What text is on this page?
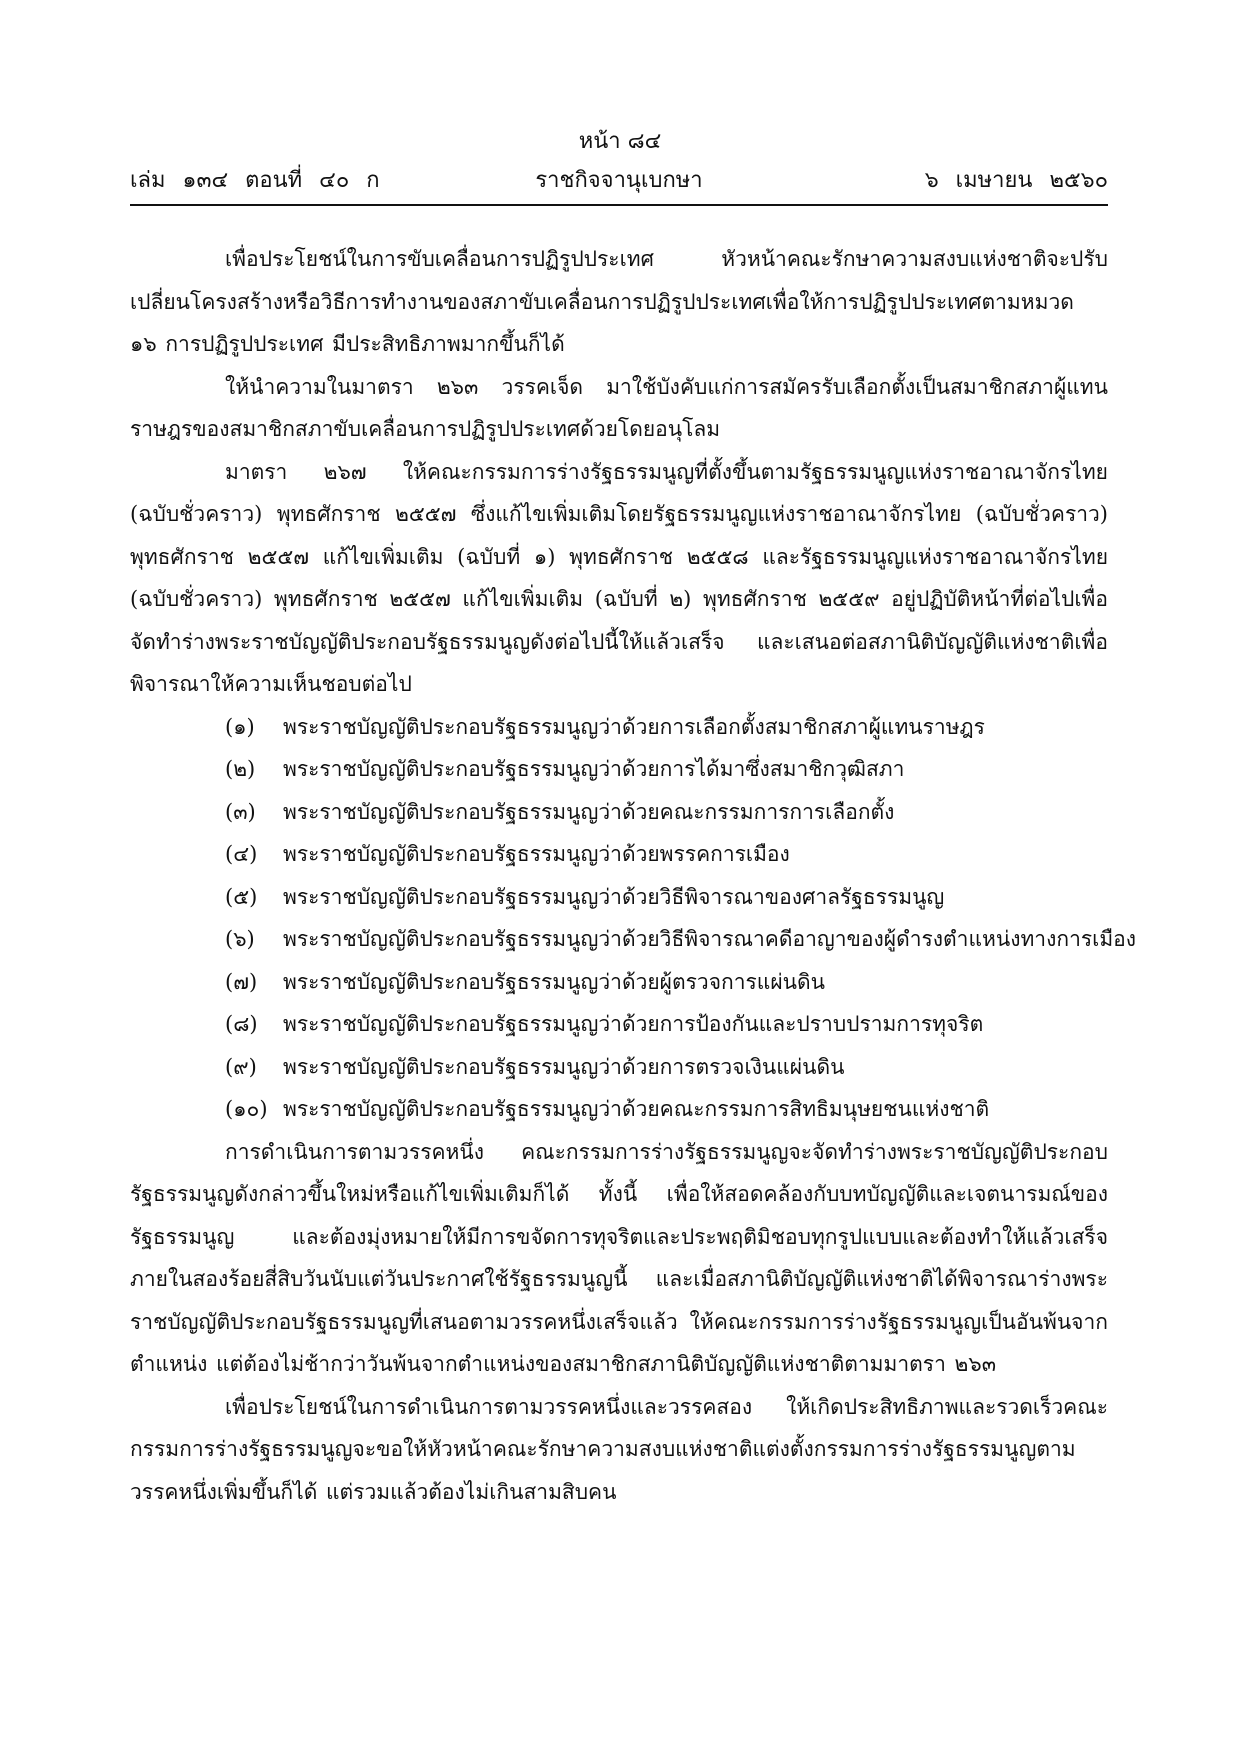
หน้า ๘๔
เล่ม ๑๓๔ ตอนที่ ๔๐ ก	ราชกิจจานุเบกษา	๖ เมษายน ๒๕๖๐

เพื่อประโยชน์ในการขับเคลื่อนการปฏิรูปประเทศ หัวหน้าคณะรักษาความสงบแห่งชาติจะปรับเปลี่ยนโครงสร้างหรือวิธีการทำงานของสภาขับเคลื่อนการปฏิรูปประเทศเพื่อให้การปฏิรูปประเทศตามหมวด ๑๖ การปฏิรูปประเทศ มีประสิทธิภาพมากขึ้นก็ได้

ให้นำความในมาตรา ๒๖๓ วรรคเจ็ด มาใช้บังคับแก่การสมัครรับเลือกตั้งเป็นสมาชิกสภาผู้แทนราษฎรของสมาชิกสภาขับเคลื่อนการปฏิรูปประเทศด้วยโดยอนุโลม

มาตรา ๒๖๗ ให้คณะกรรมการร่างรัฐธรรมนูญที่ตั้งขึ้นตามรัฐธรรมนูญแห่งราชอาณาจักรไทย (ฉบับชั่วคราว) พุทธศักราช ๒๕๕๗ ซึ่งแก้ไขเพิ่มเติมโดยรัฐธรรมนูญแห่งราชอาณาจักรไทย (ฉบับชั่วคราว) พุทธศักราช ๒๕๕๗ แก้ไขเพิ่มเติม (ฉบับที่ ๑) พุทธศักราช ๒๕๕๘ และรัฐธรรมนูญแห่งราชอาณาจักรไทย (ฉบับชั่วคราว) พุทธศักราช ๒๕๕๗ แก้ไขเพิ่มเติม (ฉบับที่ ๒) พุทธศักราช ๒๕๕๙ อยู่ปฏิบัติหน้าที่ต่อไปเพื่อจัดทำร่างพระราชบัญญัติประกอบรัฐธรรมนูญดังต่อไปนี้ให้แล้วเสร็จ และเสนอต่อสภานิติบัญญัติแห่งชาติเพื่อพิจารณาให้ความเห็นชอบต่อไป

(๑) พระราชบัญญัติประกอบรัฐธรรมนูญว่าด้วยการเลือกตั้งสมาชิกสภาผู้แทนราษฎร
(๒) พระราชบัญญัติประกอบรัฐธรรมนูญว่าด้วยการได้มาซึ่งสมาชิกวุฒิสภา
(๓) พระราชบัญญัติประกอบรัฐธรรมนูญว่าด้วยคณะกรรมการการเลือกตั้ง
(๔) พระราชบัญญัติประกอบรัฐธรรมนูญว่าด้วยพรรคการเมือง
(๕) พระราชบัญญัติประกอบรัฐธรรมนูญว่าด้วยวิธีพิจารณาของศาลรัฐธรรมนูญ
(๖) พระราชบัญญัติประกอบรัฐธรรมนูญว่าด้วยวิธีพิจารณาคดีอาญาของผู้ดำรงตำแหน่งทางการเมือง
(๗) พระราชบัญญัติประกอบรัฐธรรมนูญว่าด้วยผู้ตรวจการแผ่นดิน
(๘) พระราชบัญญัติประกอบรัฐธรรมนูญว่าด้วยการป้องกันและปราบปรามการทุจริต
(๙) พระราชบัญญัติประกอบรัฐธรรมนูญว่าด้วยการตรวจเงินแผ่นดิน
(๑๐) พระราชบัญญัติประกอบรัฐธรรมนูญว่าด้วยคณะกรรมการสิทธิมนุษยชนแห่งชาติ

การดำเนินการตามวรรคหนึ่ง คณะกรรมการร่างรัฐธรรมนูญจะจัดทำร่างพระราชบัญญัติประกอบรัฐธรรมนูญดังกล่าวขึ้นใหม่หรือแก้ไขเพิ่มเติมก็ได้ ทั้งนี้ เพื่อให้สอดคล้องกับบทบัญญัติและเจตนารมณ์ของรัฐธรรมนูญ และต้องมุ่งหมายให้มีการขจัดการทุจริตและประพฤติมิชอบทุกรูปแบบและต้องทำให้แล้วเสร็จภายในสองร้อยสี่สิบวันนับแต่วันประกาศใช้รัฐธรรมนูญนี้ และเมื่อสภานิติบัญญัติแห่งชาติได้พิจารณาร่างพระราชบัญญัติประกอบรัฐธรรมนูญที่เสนอตามวรรคหนึ่งเสร็จแล้ว ให้คณะกรรมการร่างรัฐธรรมนูญเป็นอันพ้นจากตำแหน่ง แต่ต้องไม่ช้ากว่าวันพ้นจากตำแหน่งของสมาชิกสภานิติบัญญัติแห่งชาติตามมาตรา ๒๖๓

เพื่อประโยชน์ในการดำเนินการตามวรรคหนึ่งและวรรคสอง ให้เกิดประสิทธิภาพและรวดเร็วคณะกรรมการร่างรัฐธรรมนูญจะขอให้หัวหน้าคณะรักษาความสงบแห่งชาติแต่งตั้งกรรมการร่างรัฐธรรมนูญตามวรรคหนึ่งเพิ่มขึ้นก็ได้ แต่รวมแล้วต้องไม่เกินสามสิบคน
